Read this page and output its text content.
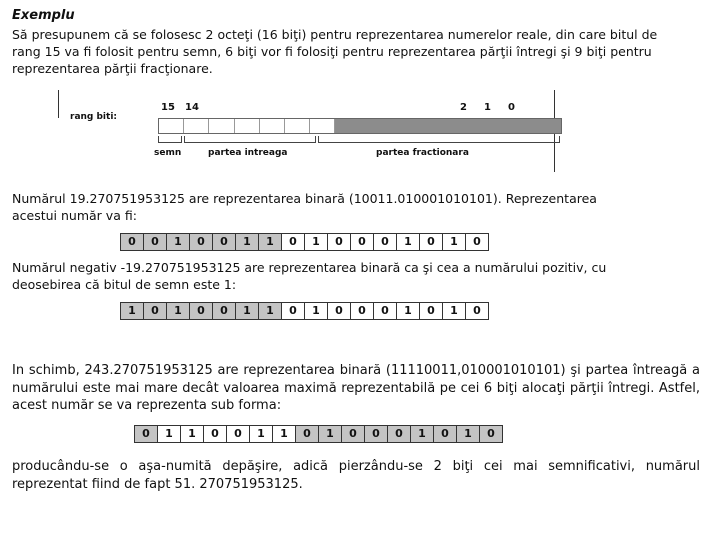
Exemplu
Să presupunem că se folosesc 2 octeţi (16 biţi) pentru reprezentarea numerelor reale, din care bitul de rang 15 va fi folosit pentru semn, 6 biţi vor fi folosiţi pentru reprezentarea părţii întregi şi 9 biţi pentru reprezentarea părţii fracţionare.
rang biti:
15 14	2 1 0
semn	partea intreaga	partea fractionara
Numărul 19.270751953125 are reprezentarea binară (10011.010001010101). Reprezentarea acestui număr va fi:
0	0	1	0	0	1	1	0	1	0	0	0	1	0	1	0
Numărul negativ -19.270751953125 are reprezentarea binară ca şi cea a numărului pozitiv, cu deosebirea că bitul de semn este 1:
1	0	1	0	0	1	1	0	1	0	0	0	1	0	1	0
In schimb, 243.270751953125 are reprezentarea binară (11110011,010001010101) şi partea întreagă a numărului este mai mare decât valoarea maximă reprezentabilă pe cei 6 biţi alocaţi părţii întregi. Astfel, acest număr se va reprezenta sub forma:
0	1	1	0	0	1	1	0	1	0	0	0	1	0	1	0
producându-se o aşa-numită depăşire, adică pierzându-se 2 biţi cei mai semnificativi, numărul reprezentat fiind de fapt 51. 270751953125.
